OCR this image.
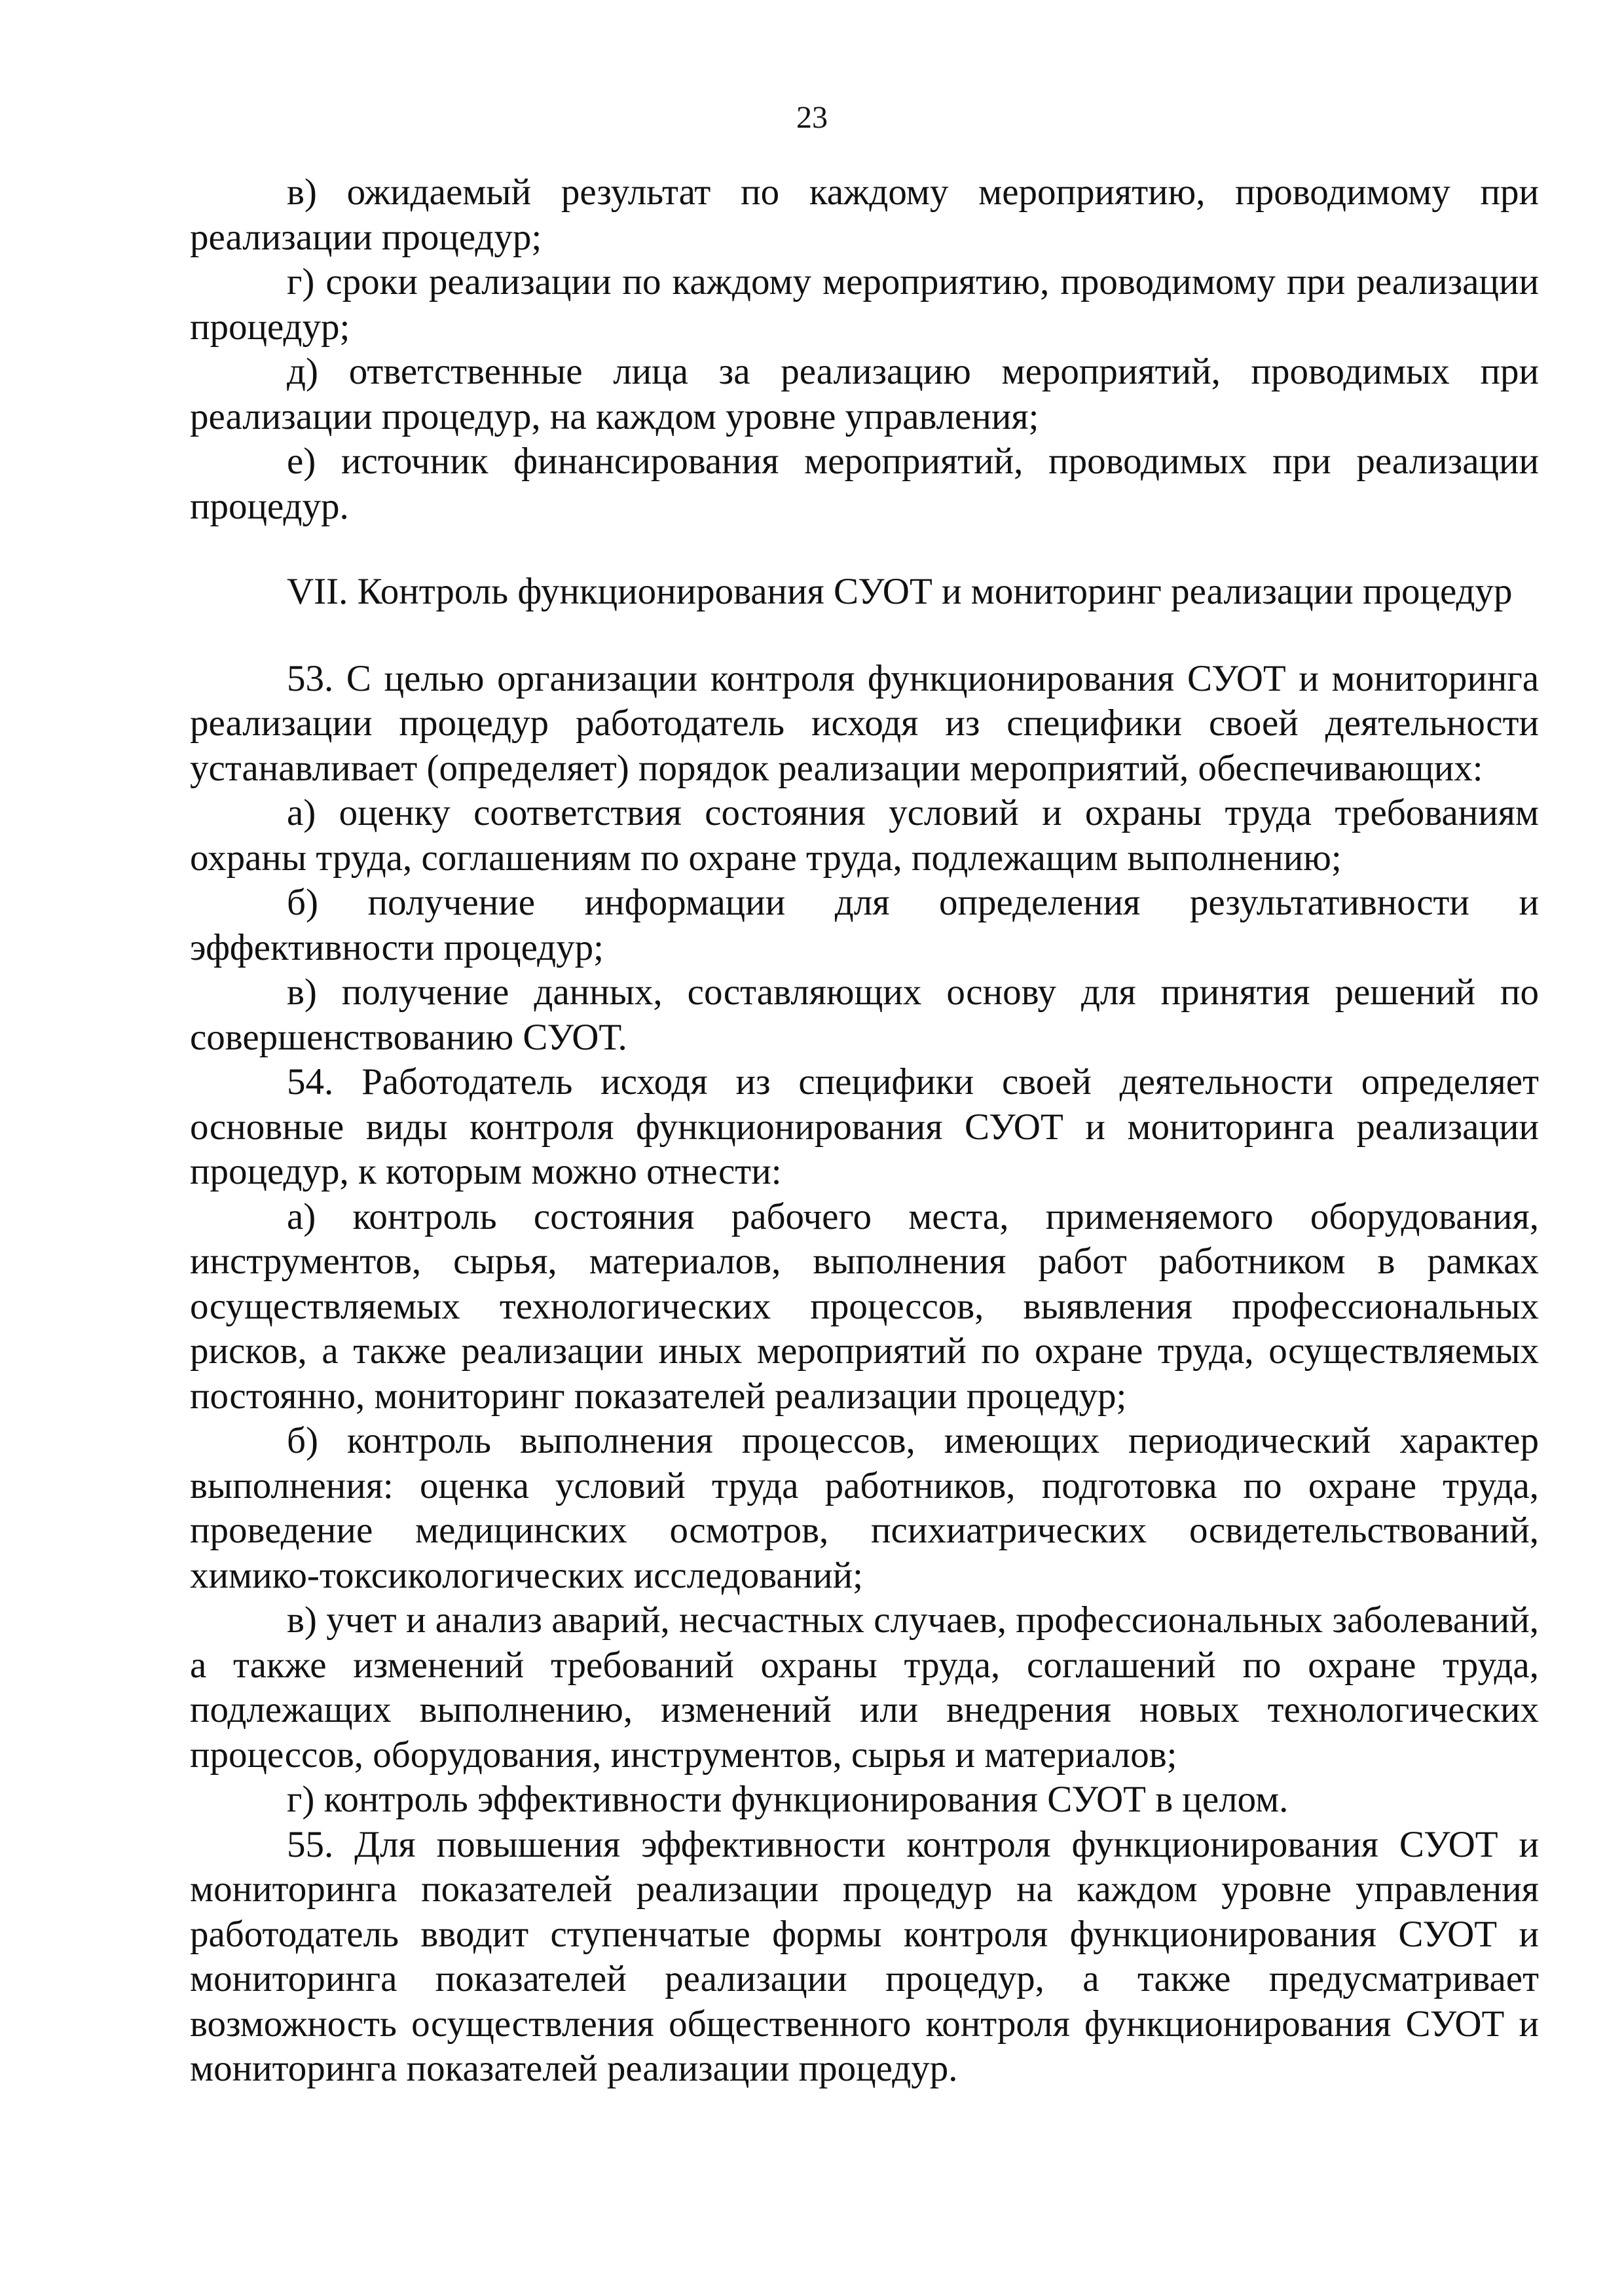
23

в) ожидаемый результат по каждому мероприятию, проводимому при реализации процедур;

г) сроки реализации по каждому мероприятию, проводимому при реализации процедур;

д) ответственные лица за реализацию мероприятий, проводимых при реализации процедур, на каждом уровне управления;

е) источник финансирования мероприятий, проводимых при реализации процедур.

VII. Контроль функционирования СУОТ и мониторинг реализации процедур

53. С целью организации контроля функционирования СУОТ и мониторинга реализации процедур работодатель исходя из специфики своей деятельности устанавливает (определяет) порядок реализации мероприятий, обеспечивающих:

а) оценку соответствия состояния условий и охраны труда требованиям охраны труда, соглашениям по охране труда, подлежащим выполнению;

б) получение информации для определения результативности и эффективности процедур;

в) получение данных, составляющих основу для принятия решений по совершенствованию СУОТ.

54. Работодатель исходя из специфики своей деятельности определяет основные виды контроля функционирования СУОТ и мониторинга реализации процедур, к которым можно отнести:

а) контроль состояния рабочего места, применяемого оборудования, инструментов, сырья, материалов, выполнения работ работником в рамках осуществляемых технологических процессов, выявления профессиональных рисков, а также реализации иных мероприятий по охране труда, осуществляемых постоянно, мониторинг показателей реализации процедур;

б) контроль выполнения процессов, имеющих периодический характер выполнения: оценка условий труда работников, подготовка по охране труда, проведение медицинских осмотров, психиатрических освидетельствований, химико-токсикологических исследований;

в) учет и анализ аварий, несчастных случаев, профессиональных заболеваний, а также изменений требований охраны труда, соглашений по охране труда, подлежащих выполнению, изменений или внедрения новых технологических процессов, оборудования, инструментов, сырья и материалов;

г) контроль эффективности функционирования СУОТ в целом.

55. Для повышения эффективности контроля функционирования СУОТ и мониторинга показателей реализации процедур на каждом уровне управления работодатель вводит ступенчатые формы контроля функционирования СУОТ и мониторинга показателей реализации процедур, а также предусматривает возможность осуществления общественного контроля функционирования СУОТ и мониторинга показателей реализации процедур.
